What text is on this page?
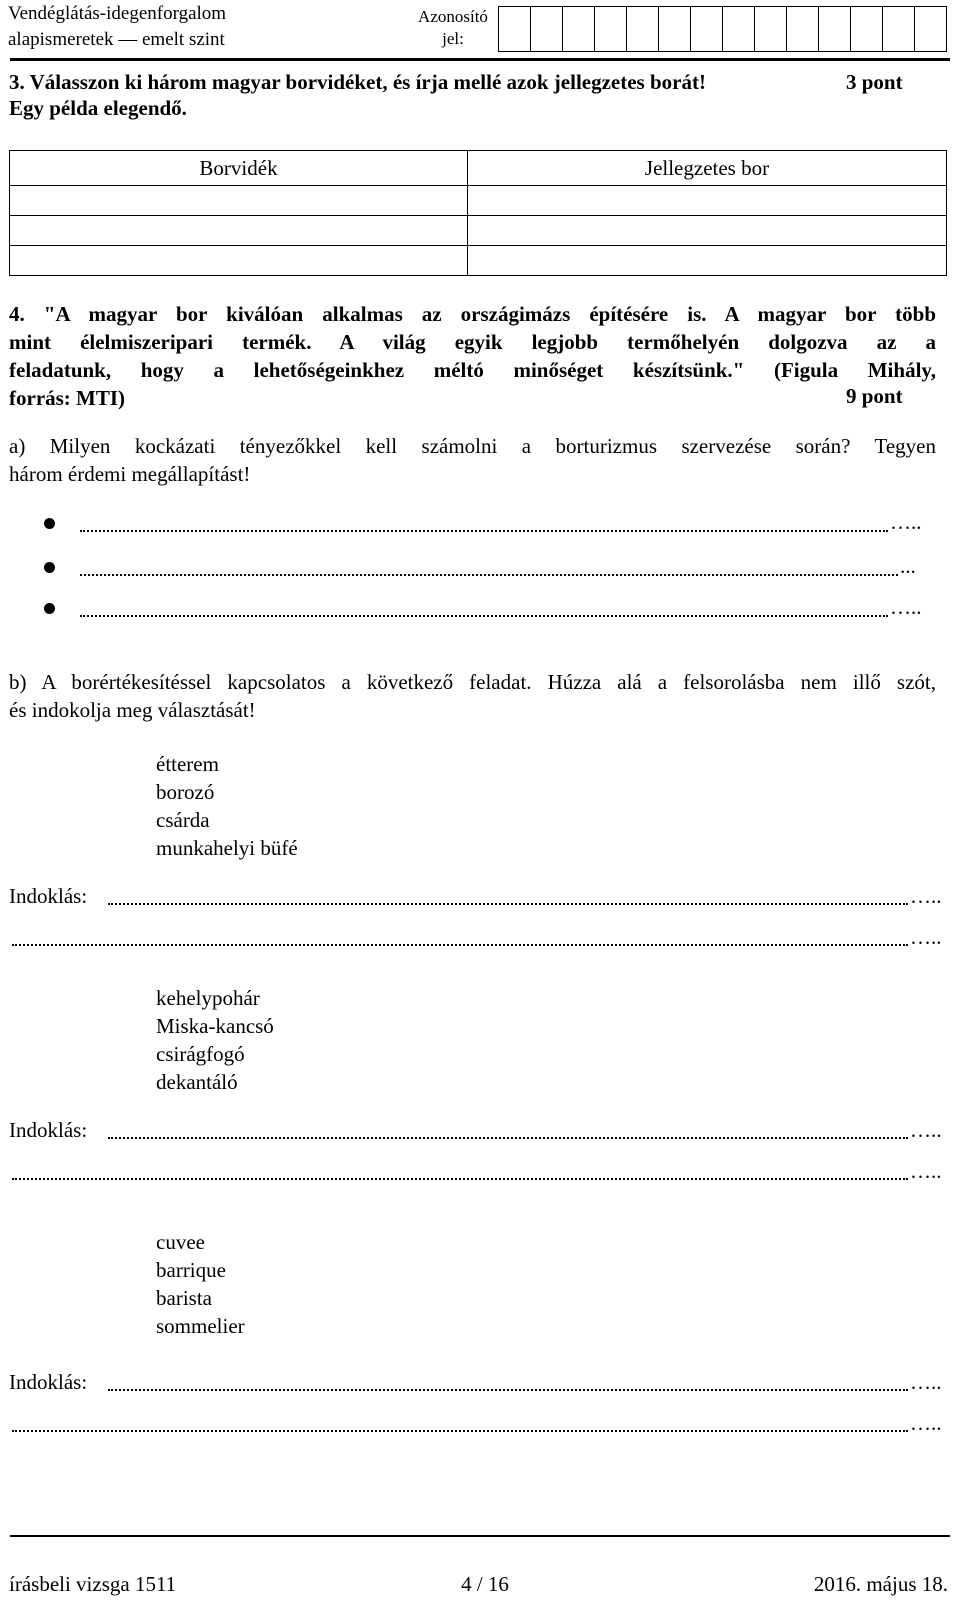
Vendéglátás-idegenforgalom
alapismeretek — emelt szint
Azonosító
jel:
3. Válasszon ki három magyar borvidéket, és írja mellé azok jellegzetes borát!	3 pont
Egy példa elegendő.
Borvidék	Jellegzetes bor

4. "A magyar bor kiválóan alkalmas az országimázs építésére is. A magyar bor több
mint élelmiszeripari termék. A világ egyik legjobb termőhelyén dolgozva az a
feladatunk, hogy a lehetőségeinkhez méltó minőséget készítsünk." (Figula Mihály,
forrás: MTI)	9 pont
a) Milyen kockázati tényezőkkel kell számolni a borturizmus szervezése során? Tegyen
három érdemi megállapítást!
…..
...
…..
b) A borértékesítéssel kapcsolatos a következő feladat. Húzza alá a felsorolásba nem illő szót,
és indokolja meg választását!
étterem
borozó
csárda
munkahelyi büfé
Indoklás:	…..
…..
kehelypohár
Miska-kancsó
csirágfogó
dekantáló
Indoklás:	…..
…..
cuvee
barrique
barista
sommelier
Indoklás:	…..
…..
írásbeli vizsga 1511	4 / 16	2016. május 18.
